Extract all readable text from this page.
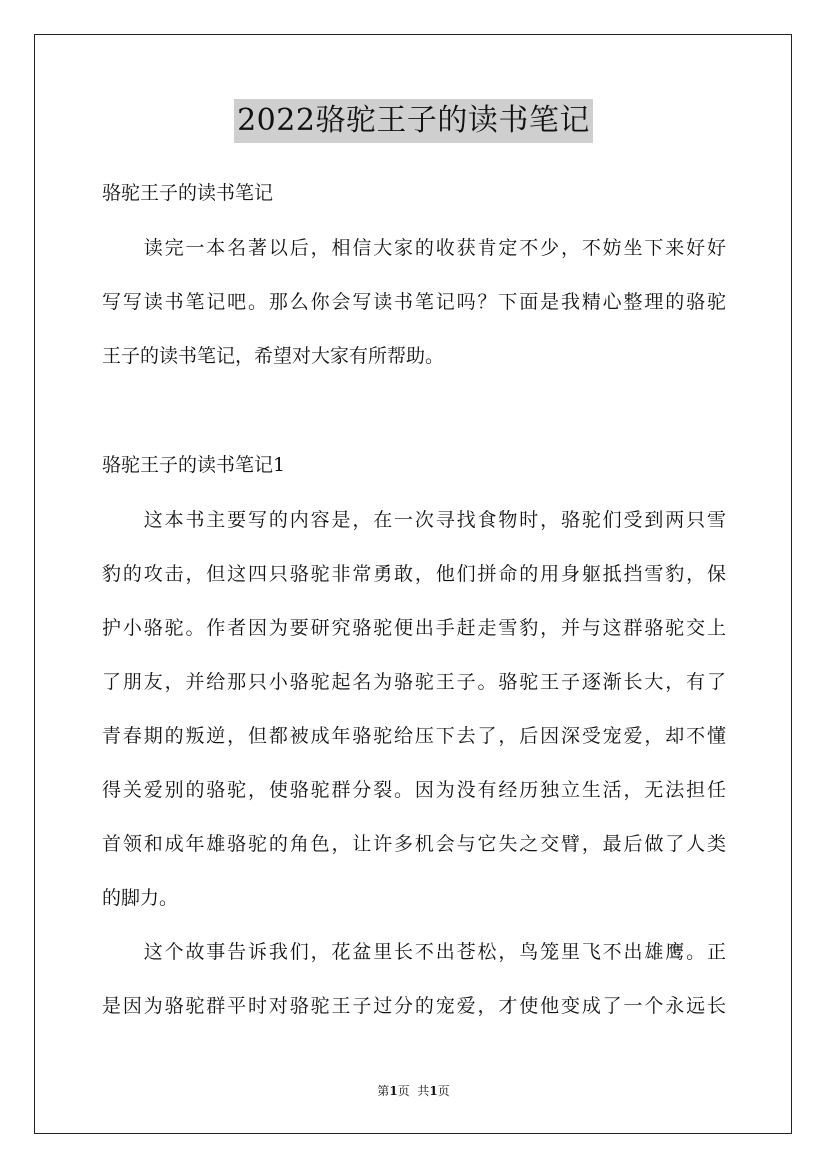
2022骆驼王子的读书笔记
骆驼王子的读书笔记
　　读完一本名著以后，相信大家的收获肯定不少，不妨坐下来好好
写写读书笔记吧。那么你会写读书笔记吗？下面是我精心整理的骆驼
王子的读书笔记，希望对大家有所帮助。
骆驼王子的读书笔记1
　　这本书主要写的内容是，在一次寻找食物时，骆驼们受到两只雪
豹的攻击，但这四只骆驼非常勇敢，他们拼命的用身躯抵挡雪豹，保
护小骆驼。作者因为要研究骆驼便出手赶走雪豹，并与这群骆驼交上
了朋友，并给那只小骆驼起名为骆驼王子。骆驼王子逐渐长大，有了
青春期的叛逆，但都被成年骆驼给压下去了，后因深受宠爱，却不懂
得关爱别的骆驼，使骆驼群分裂。因为没有经历独立生活，无法担任
首领和成年雄骆驼的角色，让许多机会与它失之交臂，最后做了人类
的脚力。
　　这个故事告诉我们，花盆里长不出苍松，鸟笼里飞不出雄鹰。正
是因为骆驼群平时对骆驼王子过分的宠爱，才使他变成了一个永远长
第1页  共1页
